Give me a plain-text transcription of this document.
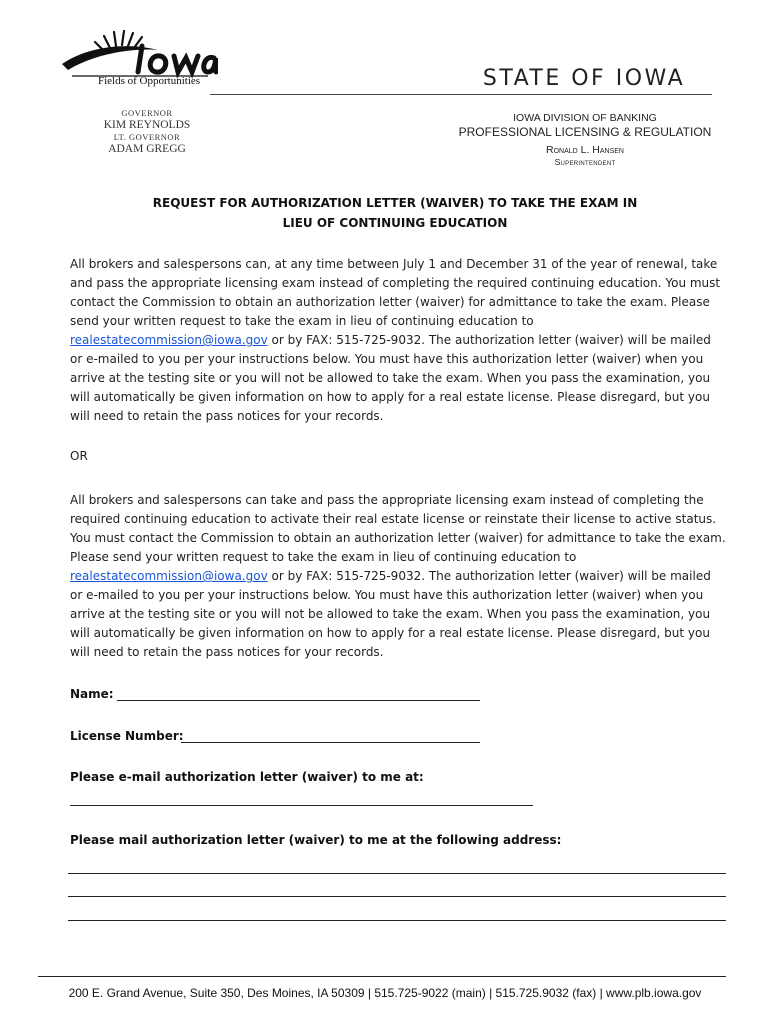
Fields of Opportunities	STATE OF IOWA
GOVERNOR
KIM REYNOLDS
LT. GOVERNOR
ADAM GREGG
IOWA DIVISION OF BANKING
PROFESSIONAL LICENSING & REGULATION
Ronald L. Hansen
Superintendent
REQUEST FOR AUTHORIZATION LETTER (WAIVER) TO TAKE THE EXAM IN
LIEU OF CONTINUING EDUCATION
All brokers and salespersons can, at any time between July 1 and December 31 of the year of renewal, take and pass the appropriate licensing exam instead of completing the required continuing education. You must contact the Commission to obtain an authorization letter (waiver) for admittance to take the exam. Please send your written request to take the exam in lieu of continuing education to realestatecommission@iowa.gov or by FAX: 515-725-9032. The authorization letter (waiver) will be mailed or e-mailed to you per your instructions below. You must have this authorization letter (waiver) when you arrive at the testing site or you will not be allowed to take the exam. When you pass the examination, you will automatically be given information on how to apply for a real estate license. Please disregard, but you will need to retain the pass notices for your records.
OR
All brokers and salespersons can take and pass the appropriate licensing exam instead of completing the required continuing education to activate their real estate license or reinstate their license to active status. You must contact the Commission to obtain an authorization letter (waiver) for admittance to take the exam. Please send your written request to take the exam in lieu of continuing education to realestatecommission@iowa.gov or by FAX: 515-725-9032. The authorization letter (waiver) will be mailed or e-mailed to you per your instructions below. You must have this authorization letter (waiver) when you arrive at the testing site or you will not be allowed to take the exam. When you pass the examination, you will automatically be given information on how to apply for a real estate license. Please disregard, but you will need to retain the pass notices for your records.
Name:
License Number:
Please e-mail authorization letter (waiver) to me at:
Please mail authorization letter (waiver) to me at the following address:
200 E. Grand Avenue, Suite 350, Des Moines, IA 50309 | 515.725-9022 (main) | 515.725.9032 (fax) | www.plb.iowa.gov
